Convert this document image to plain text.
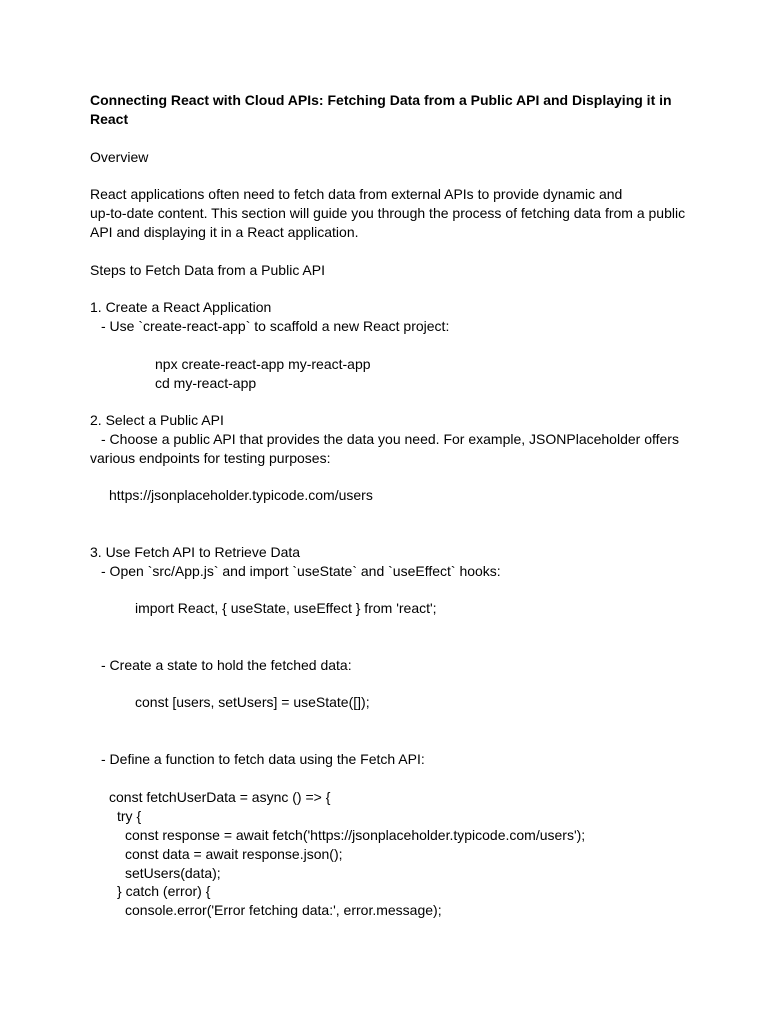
Connecting React with Cloud APIs: Fetching Data from a Public API and Displaying it in
React
Overview
React applications often need to fetch data from external APIs to provide dynamic and
up-to-date content. This section will guide you through the process of fetching data from a public
API and displaying it in a React application.
Steps to Fetch Data from a Public API
1. Create a React Application
- Use `create-react-app` to scaffold a new React project:
npx create-react-app my-react-app
cd my-react-app
2. Select a Public API
- Choose a public API that provides the data you need. For example, JSONPlaceholder offers
various endpoints for testing purposes:
https://jsonplaceholder.typicode.com/users
3. Use Fetch API to Retrieve Data
- Open `src/App.js` and import `useState` and `useEffect` hooks:
import React, { useState, useEffect } from 'react';
- Create a state to hold the fetched data:
const [users, setUsers] = useState([]);
- Define a function to fetch data using the Fetch API:
const fetchUserData = async () => {
try {
const response = await fetch('https://jsonplaceholder.typicode.com/users');
const data = await response.json();
setUsers(data);
} catch (error) {
console.error('Error fetching data:', error.message);
